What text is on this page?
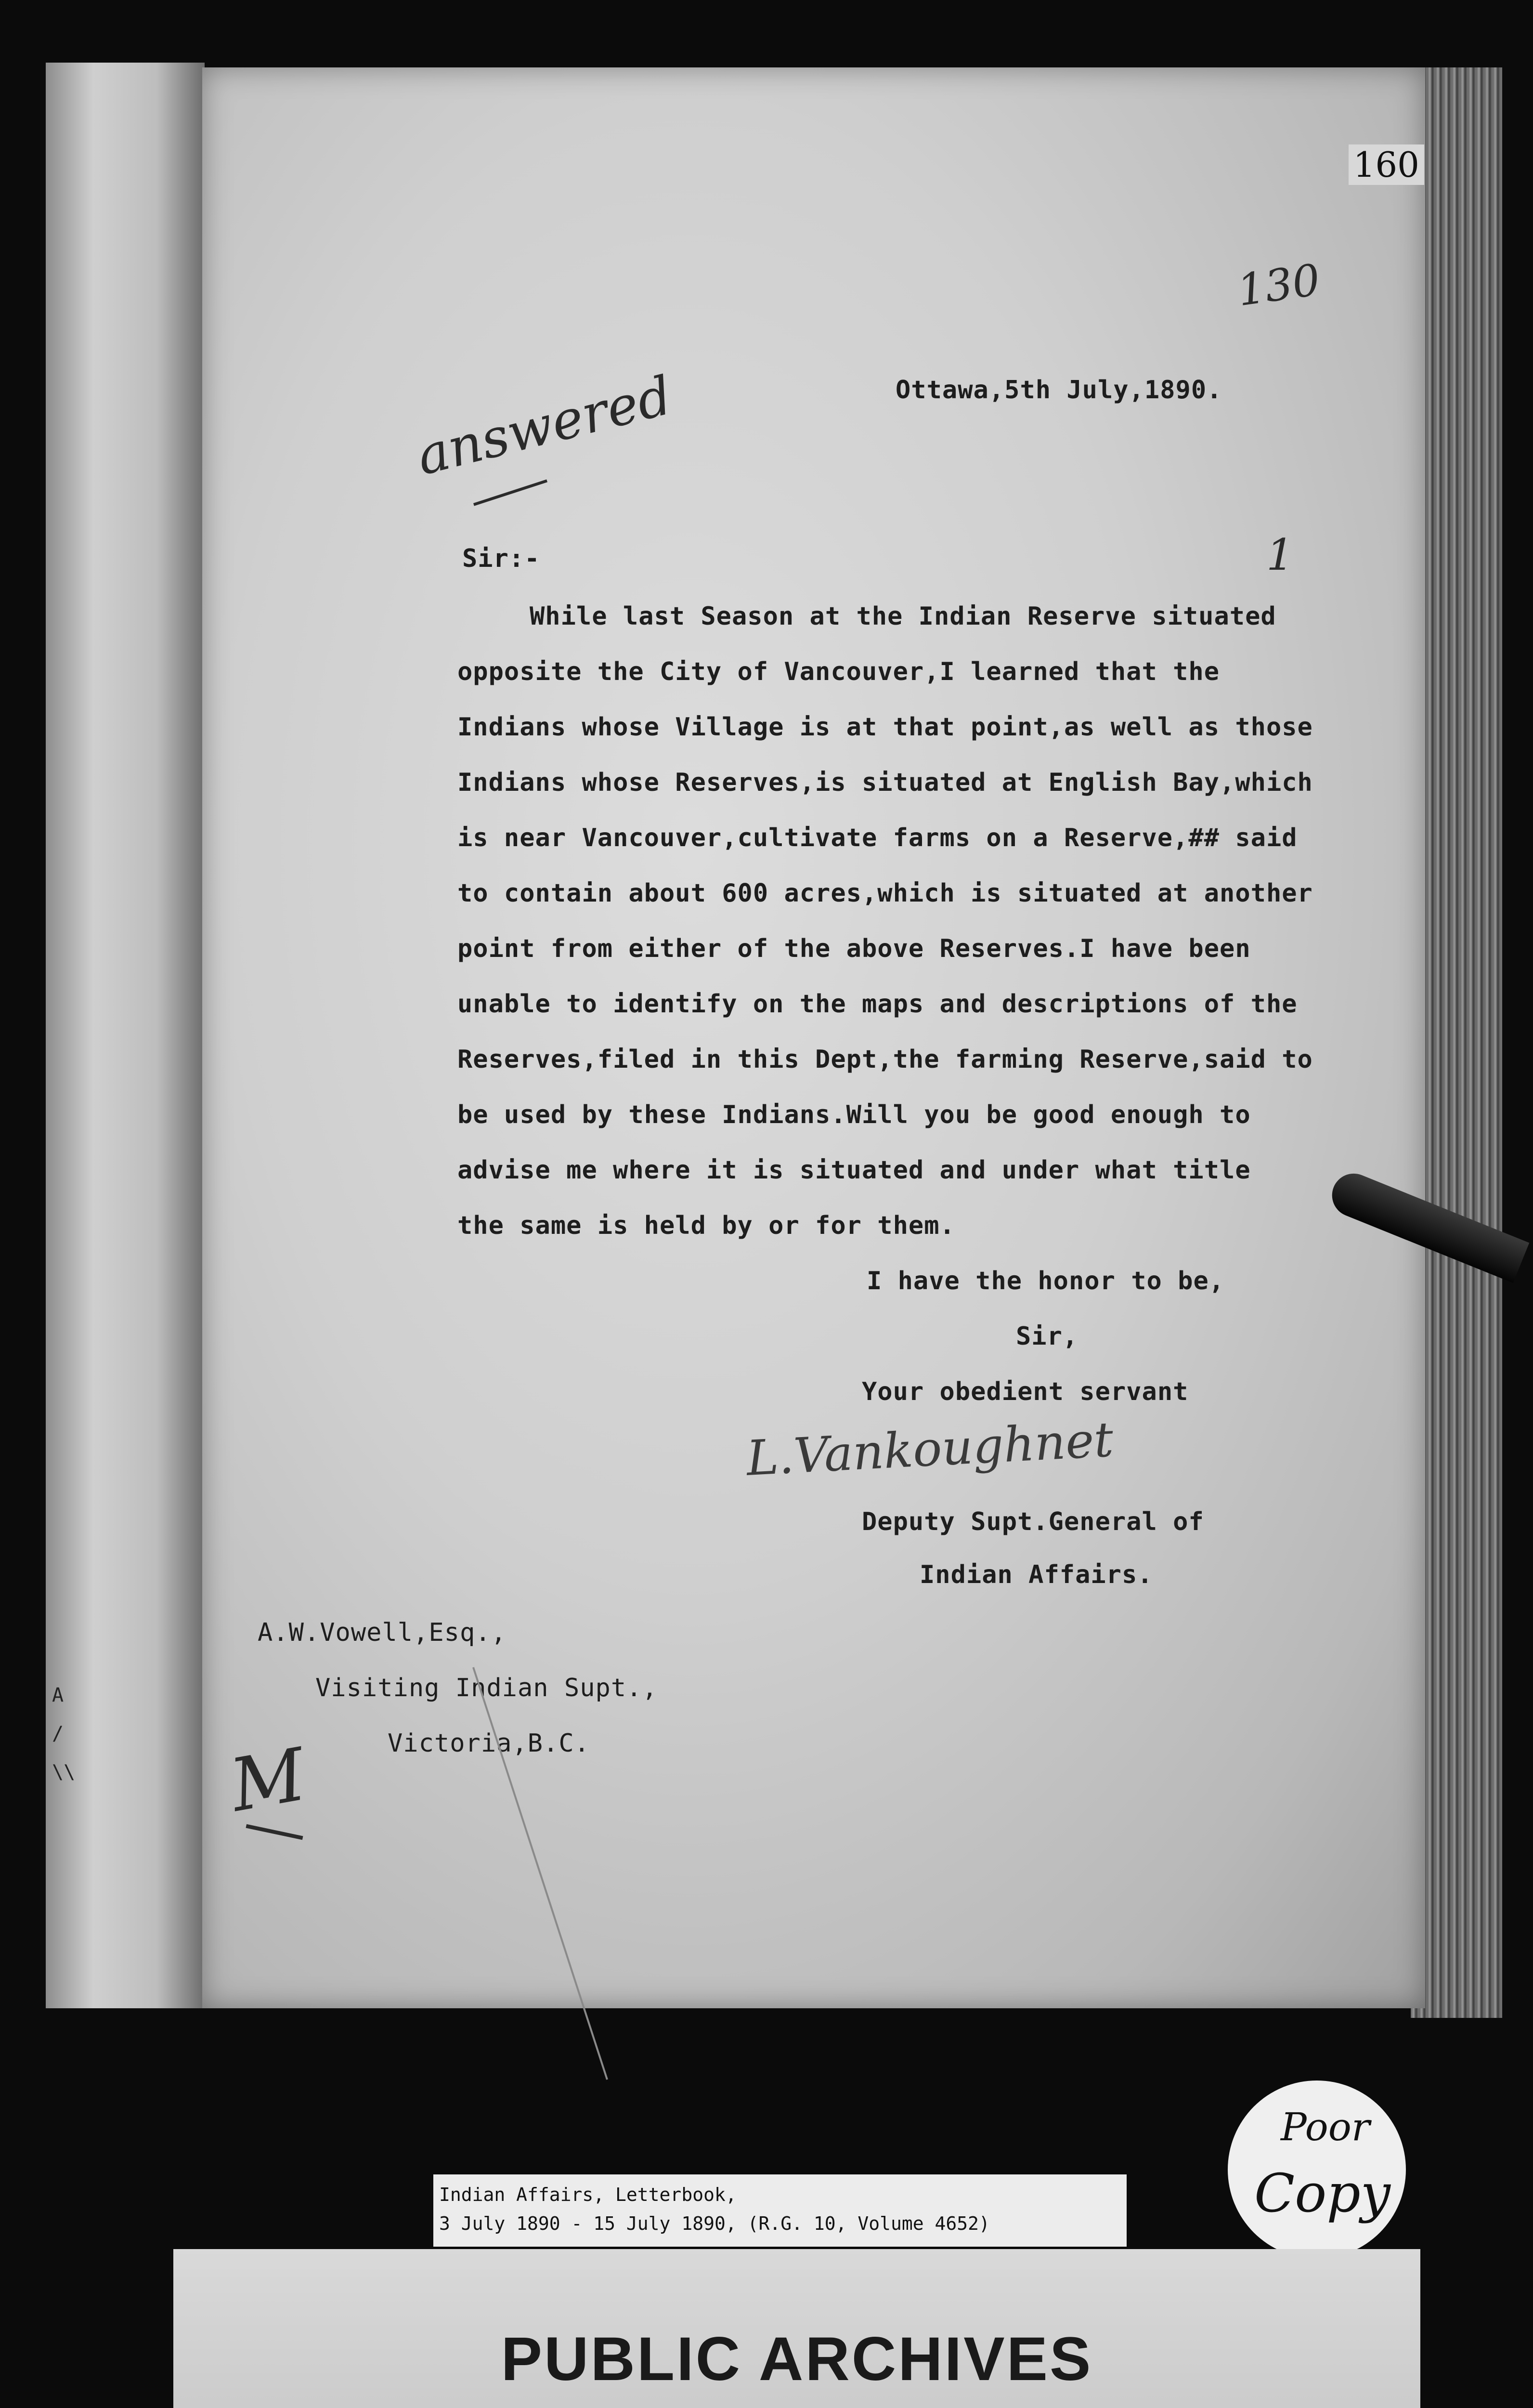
A
/
\\
160
130
answered	Ottawa,5th July,1890.
1
Sir:-
While last Season at the Indian Reserve situated
opposite the City of Vancouver,I learned that the
Indians whose Village is at that point,as well as those
Indians whose Reserves,is situated at English Bay,which
is near Vancouver,cultivate farms on a Reserve,## said
to contain about 600 acres,which is situated at another
point from either of the above Reserves.I have been
unable to identify on the maps and descriptions of the
Reserves,filed in this Dept,the farming Reserve,said to
be used by these Indians.Will you be good enough to
advise me where it is situated and under what title
the same is held by or for them.
I have the honor to be,
Sir,
Your obedient servant
L.Vankoughnet
Deputy Supt.General of
Indian Affairs.
A.W.Vowell,Esq.,
Visiting Indian Supt.,
Victoria,B.C.
M
Indian Affairs, Letterbook,
3 July 1890 - 15 July 1890, (R.G. 10, Volume 4652)
Poor
Copy
PUBLIC ARCHIVES
